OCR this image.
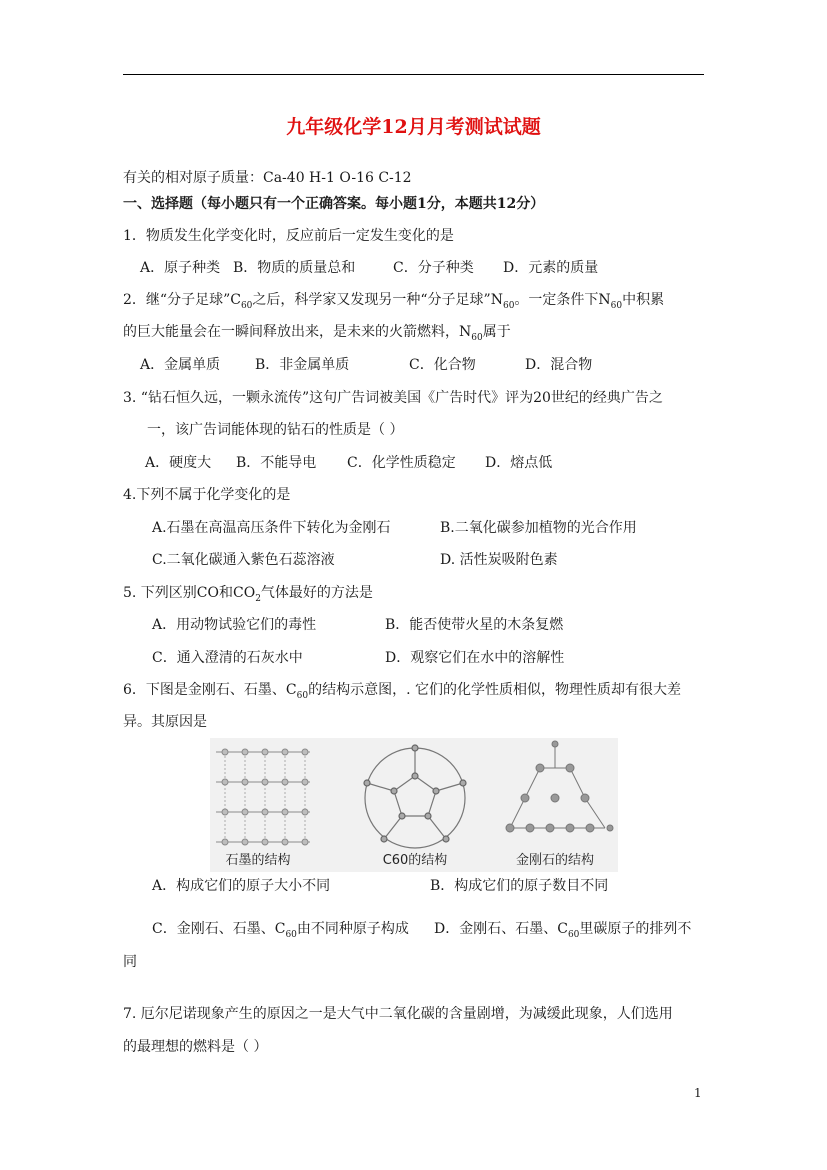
九年级化学12月月考测试试题
有关的相对原子质量：Ca-40 H-1 O-16 C-12
一、选择题（每小题只有一个正确答案。每小题1分，本题共12分）
1．物质发生化学变化时，反应前后一定发生变化的是
A．原子种类 B．物质的质量总和	C．分子种类 D．元素的质量
2．继“分子足球$”C_{60}$之后，科学家又发现另一种“分子足球$”N_{60}$。一定条件下$N_{60}$中积累
的巨大能量会在一瞬间释放出来，是未来的火箭燃料，$N_{60}$属于
A．金属单质 B．非金属单质	C．化合物	D．混合物
3. “钻石恒久远，一颗永流传”这句广告词被美国《广告时代》评为20世纪的经典广告之
一，该广告词能体现的钻石的性质是（ ）
A．硬度大 B．不能导电 C．化学性质稳定 D．熔点低
4.下列不属于化学变化的是
A.石墨在高温高压条件下转化为金刚石	B.二氧化碳参加植物的光合作用
C.二氧化碳通入紫色石蕊溶液	D. 活性炭吸附色素
5. 下列区别CO和$CO_2$气体最好的方法是
A．用动物试验它们的毒性	B．能否使带火星的木条复燃
C．通入澄清的石灰水中	D．观察它们在水中的溶解性
6．下图是金刚石、石墨、$C_{60}$的结构示意图，. 它们的化学性质相似，物理性质却有很大差
异。其原因是
石墨的结构	C60的结构	金刚石的结构
A．构成它们的原子大小不同	B．构成它们的原子数目不同
C．金刚石、石墨、$C_{60}$由不同种原子构成 D．金刚石、石墨、$C_{60}$里碳原子的排列不
同
7. 厄尔尼诺现象产生的原因之一是大气中二氧化碳的含量剧增，为减缓此现象，人们选用
的最理想的燃料是（ ）
1
